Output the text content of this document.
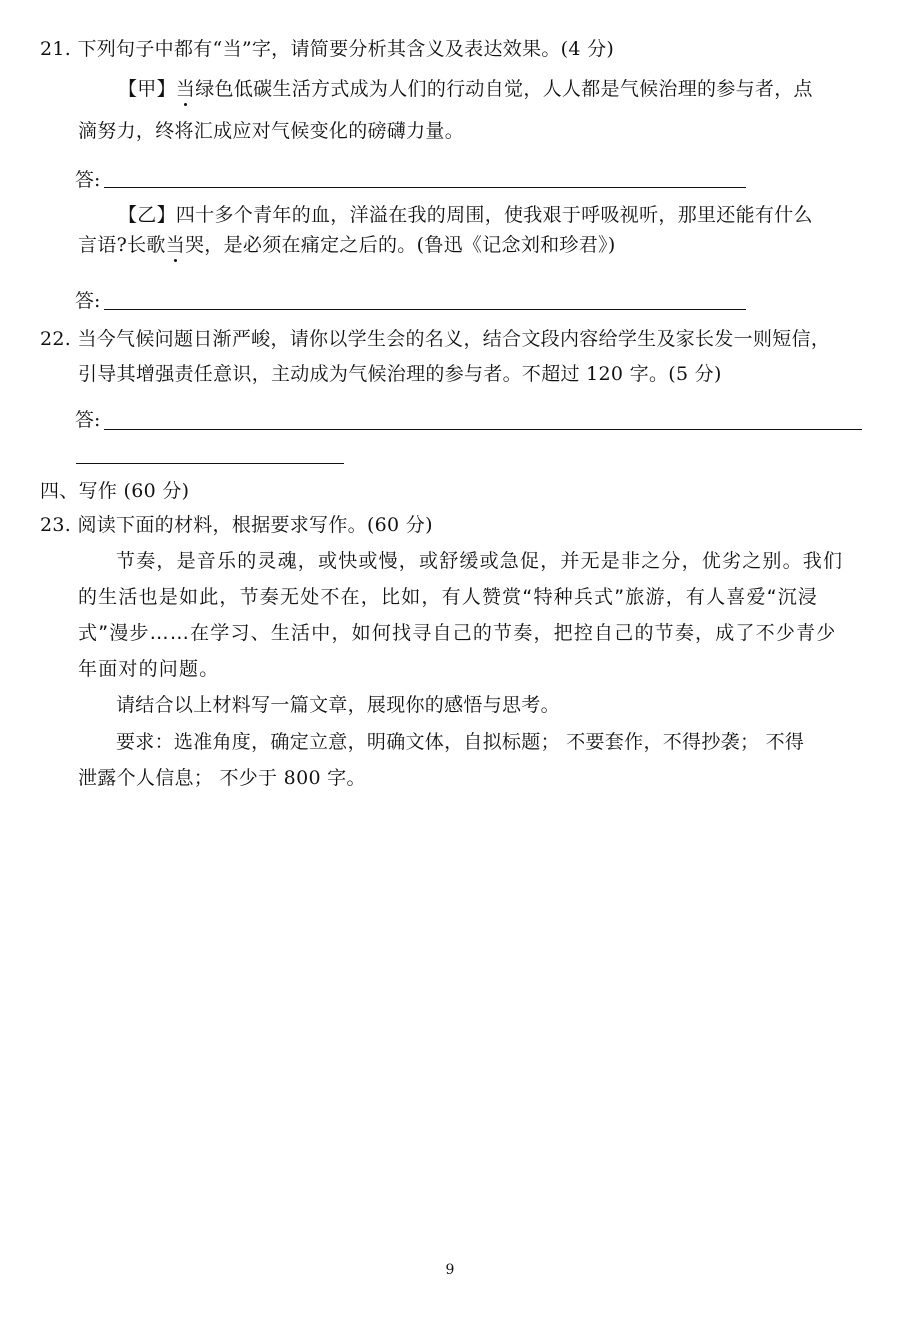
21. 下列句子中都有“当”字，请简要分析其含义及表达效果。(4 分)
【甲】当绿色低碳生活方式成为人们的行动自觉，人人都是气候治理的参与者，点
滴努力，终将汇成应对气候变化的磅礴力量。
答:
【乙】四十多个青年的血，洋溢在我的周围，使我艰于呼吸视听，那里还能有什么
言语?长歌当哭，是必须在痛定之后的。(鲁迅《记念刘和珍君》)
答:
22. 当今气候问题日渐严峻，请你以学生会的名义，结合文段内容给学生及家长发一则短信，
引导其增强责任意识，主动成为气候治理的参与者。不超过 120 字。(5 分)
答:
四、写作 (60 分)
23. 阅读下面的材料，根据要求写作。(60 分)
节奏，是音乐的灵魂，或快或慢，或舒缓或急促，并无是非之分，优劣之别。我们
的生活也是如此，节奏无处不在，比如，有人赞赏“特种兵式”旅游，有人喜爱“沉浸
式”漫步……在学习、生活中，如何找寻自己的节奏，把控自己的节奏，成了不少青少
年面对的问题。
请结合以上材料写一篇文章，展现你的感悟与思考。
要求：选准角度，确定立意，明确文体，自拟标题； 不要套作，不得抄袭； 不得
泄露个人信息； 不少于 800 字。
9
